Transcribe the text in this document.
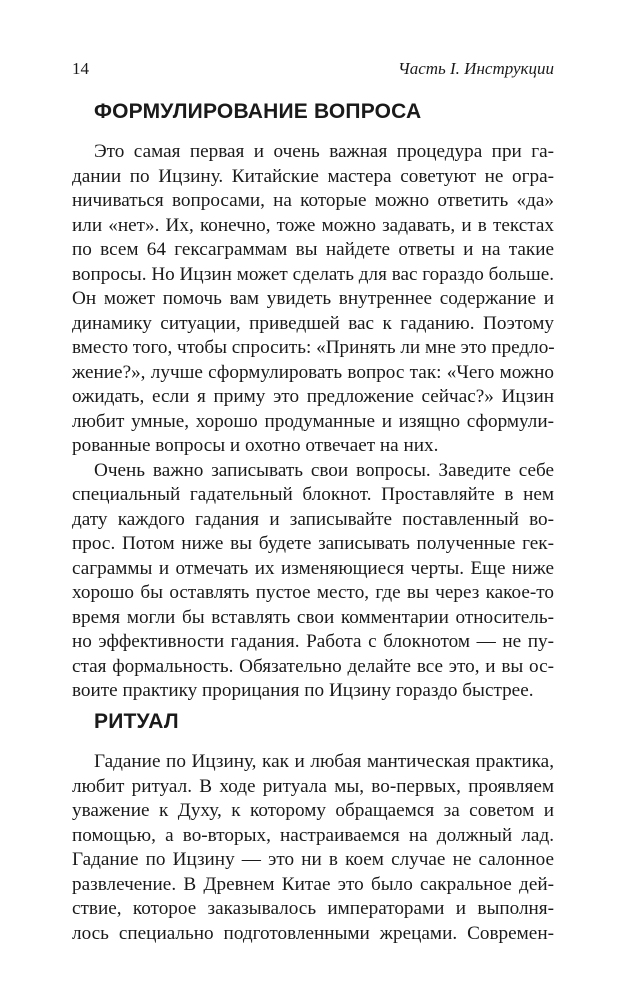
14	Часть I. Инструкции
ФОРМУЛИРОВАНИЕ ВОПРОСА
Это самая первая и очень важная процедура при га-
дании по Ицзину. Китайские мастера советуют не огра-
ничиваться вопросами, на которые можно ответить «да»
или «нет». Их, конечно, тоже можно задавать, и в текстах
по всем 64 гексаграммам вы найдете ответы и на такие
вопросы. Но Ицзин может сделать для вас гораздо больше.
Он может помочь вам увидеть внутреннее содержание и
динамику ситуации, приведшей вас к гаданию. Поэтому
вместо того, чтобы спросить: «Принять ли мне это предло-
жение?», лучше сформулировать вопрос так: «Чего можно
ожидать, если я приму это предложение сейчас?» Ицзин
любит умные, хорошо продуманные и изящно сформули-
рованные вопросы и охотно отвечает на них.
Очень важно записывать свои вопросы. Заведите себе
специальный гадательный блокнот. Проставляйте в нем
дату каждого гадания и записывайте поставленный во-
прос. Потом ниже вы будете записывать полученные гек-
саграммы и отмечать их изменяющиеся черты. Еще ниже
хорошо бы оставлять пустое место, где вы через какое-то
время могли бы вставлять свои комментарии относитель-
но эффективности гадания. Работа с блокнотом — не пу-
стая формальность. Обязательно делайте все это, и вы ос-
воите практику прорицания по Ицзину гораздо быстрее.
РИТУАЛ
Гадание по Ицзину, как и любая мантическая практика,
любит ритуал. В ходе ритуала мы, во-первых, проявляем
уважение к Духу, к которому обращаемся за советом и
помощью, а во-вторых, настраиваемся на должный лад.
Гадание по Ицзину — это ни в коем случае не салонное
развлечение. В Древнем Китае это было сакральное дей-
ствие, которое заказывалось императорами и выполня-
лось специально подготовленными жрецами. Современ-
